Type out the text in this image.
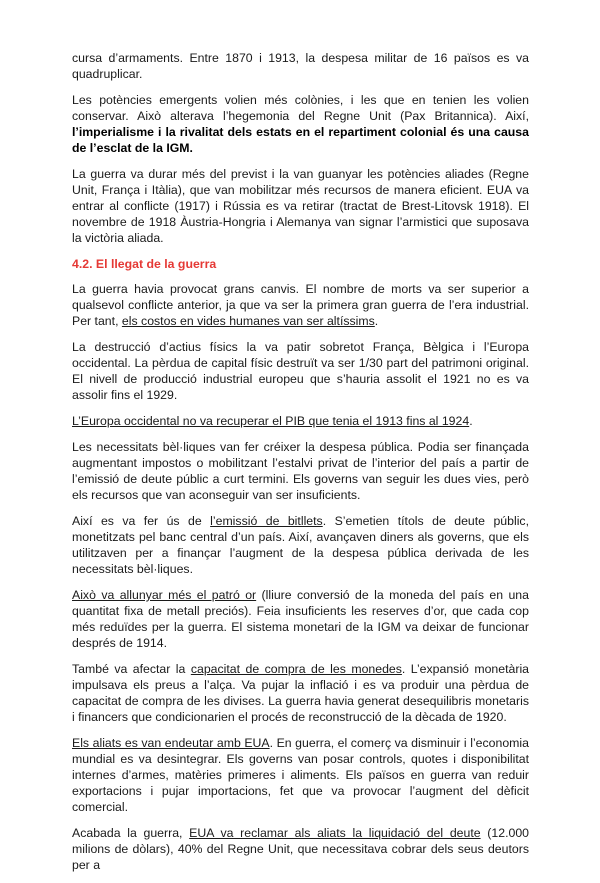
cursa d’armaments. Entre 1870 i 1913, la despesa militar de 16 països es va quadruplicar.

Les potències emergents volien més colònies, i les que en tenien les volien conservar. Això alterava l’hegemonia del Regne Unit (Pax Britannica). Així, l’imperialisme i la rivalitat dels estats en el repartiment colonial és una causa de l’esclat de la IGM.

La guerra va durar més del previst i la van guanyar les potències aliades (Regne Unit, França i Itàlia), que van mobilitzar més recursos de manera eficient. EUA va entrar al conflicte (1917) i Rússia es va retirar (tractat de Brest-Litovsk 1918). El novembre de 1918 Àustria-Hongria i Alemanya van signar l’armistici que suposava la victòria aliada.

4.2. El llegat de la guerra

La guerra havia provocat grans canvis. El nombre de morts va ser superior a qualsevol conflicte anterior, ja que va ser la primera gran guerra de l’era industrial. Per tant, els costos en vides humanes van ser altíssims.

La destrucció d’actius físics la va patir sobretot França, Bèlgica i l’Europa occidental. La pèrdua de capital físic destruït va ser 1/30 part del patrimoni original. El nivell de producció industrial europeu que s’hauria assolit el 1921 no es va assolir fins el 1929.

L’Europa occidental no va recuperar el PIB que tenia el 1913 fins al 1924.

Les necessitats bèl·liques van fer créixer la despesa pública. Podia ser finançada augmentant impostos o mobilitzant l’estalvi privat de l’interior del país a partir de l’emissió de deute públic a curt termini. Els governs van seguir les dues vies, però els recursos que van aconseguir van ser insuficients.

Així es va fer ús de l’emissió de bitllets. S’emetien títols de deute públic, monetitzats pel banc central d’un país. Així, avançaven diners als governs, que els utilitzaven per a finançar l’augment de la despesa pública derivada de les necessitats bèl·liques.

Això va allunyar més el patró or (lliure conversió de la moneda del país en una quantitat fixa de metall preciós). Feia insuficients les reserves d’or, que cada cop més reduïdes per la guerra. El sistema monetari de la IGM va deixar de funcionar després de 1914.

També va afectar la capacitat de compra de les monedes. L’expansió monetària impulsava els preus a l’alça. Va pujar la inflació i es va produir una pèrdua de capacitat de compra de les divises. La guerra havia generat desequilibris monetaris i financers que condicionarien el procés de reconstrucció de la dècada de 1920.

Els aliats es van endeutar amb EUA. En guerra, el comerç va disminuir i l’economia mundial es va desintegrar. Els governs van posar controls, quotes i disponibilitat internes d’armes, matèries primeres i aliments. Els països en guerra van reduir exportacions i pujar importacions, fet que va provocar l’augment del dèficit comercial.

Acabada la guerra, EUA va reclamar als aliats la liquidació del deute (12.000 milions de dòlars), 40% del Regne Unit, que necessitava cobrar dels seus deutors per a
